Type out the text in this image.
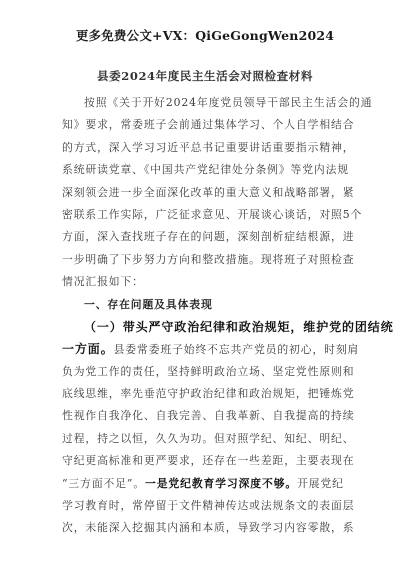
更多免费公文+VX：QiGeGongWen2024
县委2024年度民主生活会对照检查材料
按照《关于开好2024年度党员领导干部民主生活会的通
知》要求，常委班子会前通过集体学习、个人自学相结合
的方式，深入学习习近平总书记重要讲话重要指示精神，
系统研读党章、《中国共产党纪律处分条例》等党内法规
深刻领会进一步全面深化改革的重大意义和战略部署，紧
密联系工作实际，广泛征求意见、开展谈心谈话，对照5个
方面，深入查找班子存在的问题，深刻剖析症结根源，进
一步明确了下步努力方向和整改措施。现将班子对照检查
情况汇报如下：
一、存在问题及具体表现
（一）带头严守政治纪律和政治规矩，维护党的团结统
一方面。县委常委班子始终不忘共产党员的初心，时刻肩
负为党工作的责任，坚持鲜明政治立场、坚定党性原则和
底线思维，率先垂范守护政治纪律和政治规矩，把锤炼党
性视作自我净化、自我完善、自我革新、自我提高的持续
过程，持之以恒，久久为功。但对照学纪、知纪、明纪、
守纪更高标准和更严要求，还存在一些差距，主要表现在
“三方面不足”。一是党纪教育学习深度不够。开展党纪
学习教育时，常停留于文件精神传达或法规条文的表面层
次，未能深入挖掘其内涵和本质，导致学习内容零散，系
